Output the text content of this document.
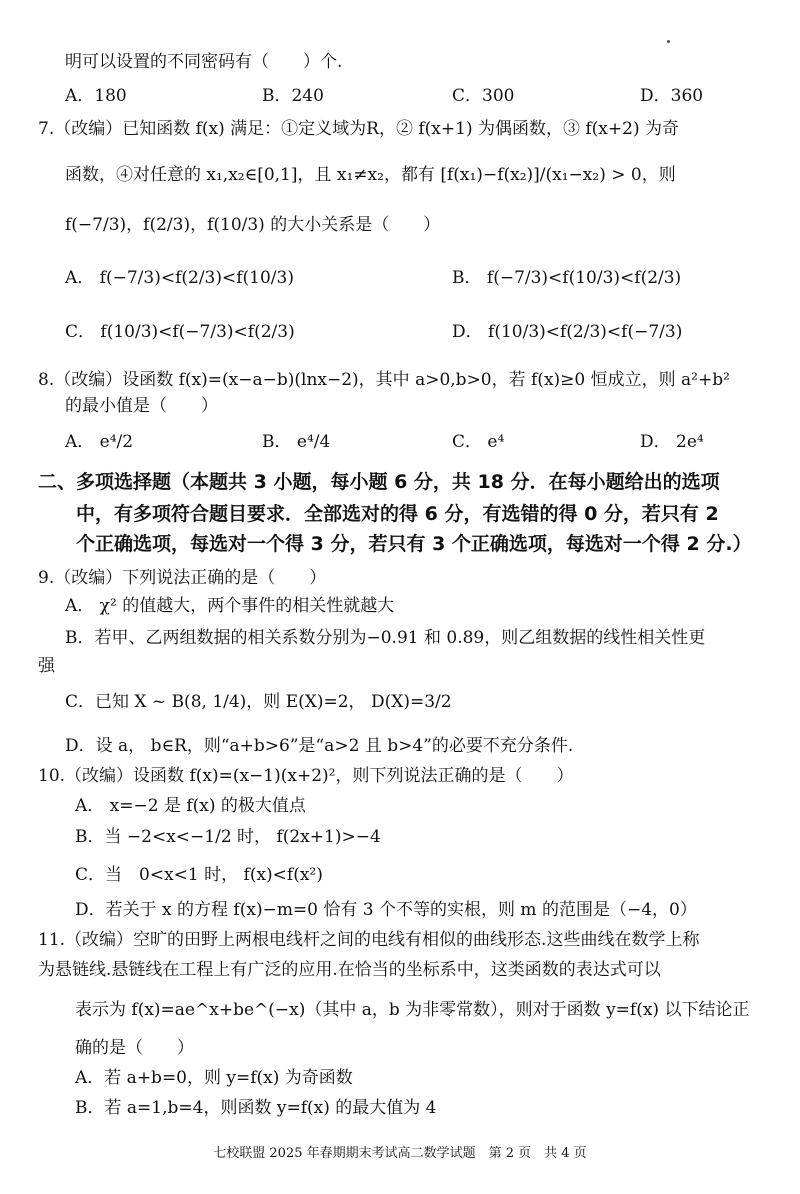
明可以设置的不同密码有（　　）个.
A．180	B．240	C．300	D．360
7.（改编）已知函数 f(x) 满足：①定义域为R，② f(x+1) 为偶函数，③ f(x+2) 为奇
函数，④对任意的 x₁,x₂∈[0,1]，且 x₁≠x₂，都有 [f(x₁)−f(x₂)]/(x₁−x₂) > 0，则
f(−7/3)，f(2/3)，f(10/3) 的大小关系是（　　）
A． f(−7/3)<f(2/3)<f(10/3)	B． f(−7/3)<f(10/3)<f(2/3)
C． f(10/3)<f(−7/3)<f(2/3)	D． f(10/3)<f(2/3)<f(−7/3)
8.（改编）设函数 f(x)=(x−a−b)(lnx−2)，其中 a>0,b>0，若 f(x)≥0 恒成立，则 a²+b²
的最小值是（　　）
A． e⁴/2	B． e⁴/4	C． e⁴	D． 2e⁴
二、多项选择题（本题共 3 小题，每小题 6 分，共 18 分．在每小题给出的选项
中，有多项符合题目要求．全部选对的得 6 分，有选错的得 0 分，若只有 2
个正确选项，每选对一个得 3 分，若只有 3 个正确选项，每选对一个得 2 分.）
9.（改编）下列说法正确的是（　　）
A． χ² 的值越大，两个事件的相关性就越大
B．若甲、乙两组数据的相关系数分别为−0.91 和 0.89，则乙组数据的线性相关性更
强
C．已知 X ~ B(8, 1/4)，则 E(X)=2， D(X)=3/2
D．设 a， b∈R，则“a+b>6”是“a>2 且 b>4”的必要不充分条件.
10.（改编）设函数 f(x)=(x−1)(x+2)²，则下列说法正确的是（　　）
A． x=−2 是 f(x) 的极大值点
B．当 −2<x<−1/2 时， f(2x+1)>−4
C．当　0<x<1 时， f(x)<f(x²)
D．若关于 x 的方程 f(x)−m=0 恰有 3 个不等的实根，则 m 的范围是（−4，0）
11.（改编）空旷的田野上两根电线杆之间的电线有相似的曲线形态.这些曲线在数学上称
为悬链线.悬链线在工程上有广泛的应用.在恰当的坐标系中，这类函数的表达式可以
表示为 f(x)=ae^x+be^(−x)（其中 a，b 为非零常数），则对于函数 y=f(x) 以下结论正
确的是（　　）
A．若 a+b=0，则 y=f(x) 为奇函数
B．若 a=1,b=4，则函数 y=f(x) 的最大值为 4
七校联盟 2025 年春期期末考试高二数学试题　第 2 页　共 4 页
